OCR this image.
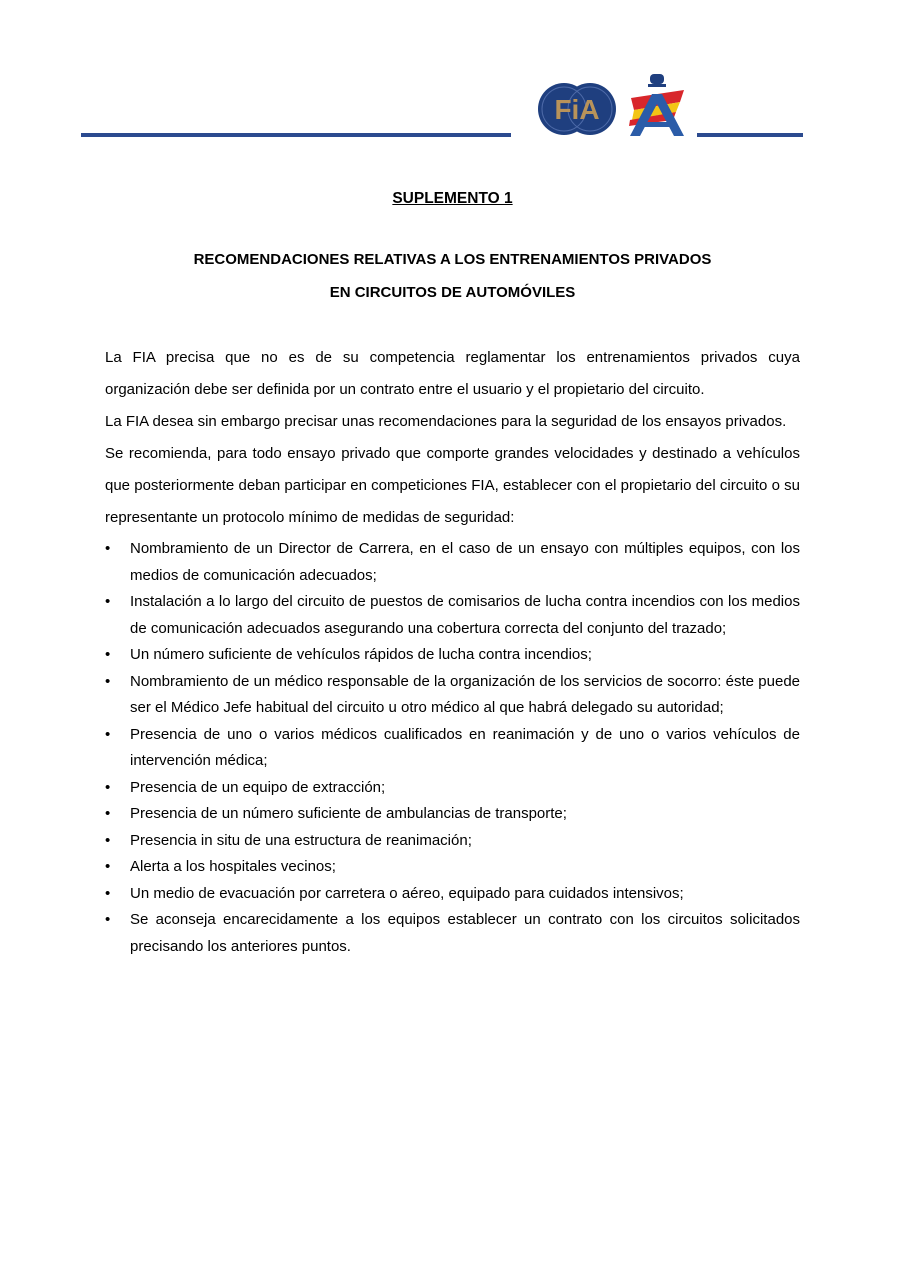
FiA
SUPLEMENTO 1
RECOMENDACIONES RELATIVAS A LOS ENTRENAMIENTOS PRIVADOS
EN CIRCUITOS DE AUTOMÓVILES

La FIA precisa que no es de su competencia reglamentar los entrenamientos privados cuya organización debe ser definida por un contrato entre el usuario y el propietario del circuito.

La FIA desea sin embargo precisar unas recomendaciones para la seguridad de los ensayos privados.

Se recomienda, para todo ensayo privado que comporte grandes velocidades y destinado a vehículos que posteriormente deban participar en competiciones FIA, establecer con el propietario del circuito o su representante un protocolo mínimo de medidas de seguridad:

• Nombramiento de un Director de Carrera, en el caso de un ensayo con múltiples equipos, con los medios de comunicación adecuados;
• Instalación a lo largo del circuito de puestos de comisarios de lucha contra incendios con los medios de comunicación adecuados asegurando una cobertura correcta del conjunto del trazado;
• Un número suficiente de vehículos rápidos de lucha contra incendios;
• Nombramiento de un médico responsable de la organización de los servicios de socorro: éste puede ser el Médico Jefe habitual del circuito u otro médico al que habrá delegado su autoridad;
• Presencia de uno o varios médicos cualificados en reanimación y de uno o varios vehículos de intervención médica;
• Presencia de un equipo de extracción;
• Presencia de un número suficiente de ambulancias de transporte;
• Presencia in situ de una estructura de reanimación;
• Alerta a los hospitales vecinos;
• Un medio de evacuación por carretera o aéreo, equipado para cuidados intensivos;
• Se aconseja encarecidamente a los equipos establecer un contrato con los circuitos solicitados precisando los anteriores puntos.
